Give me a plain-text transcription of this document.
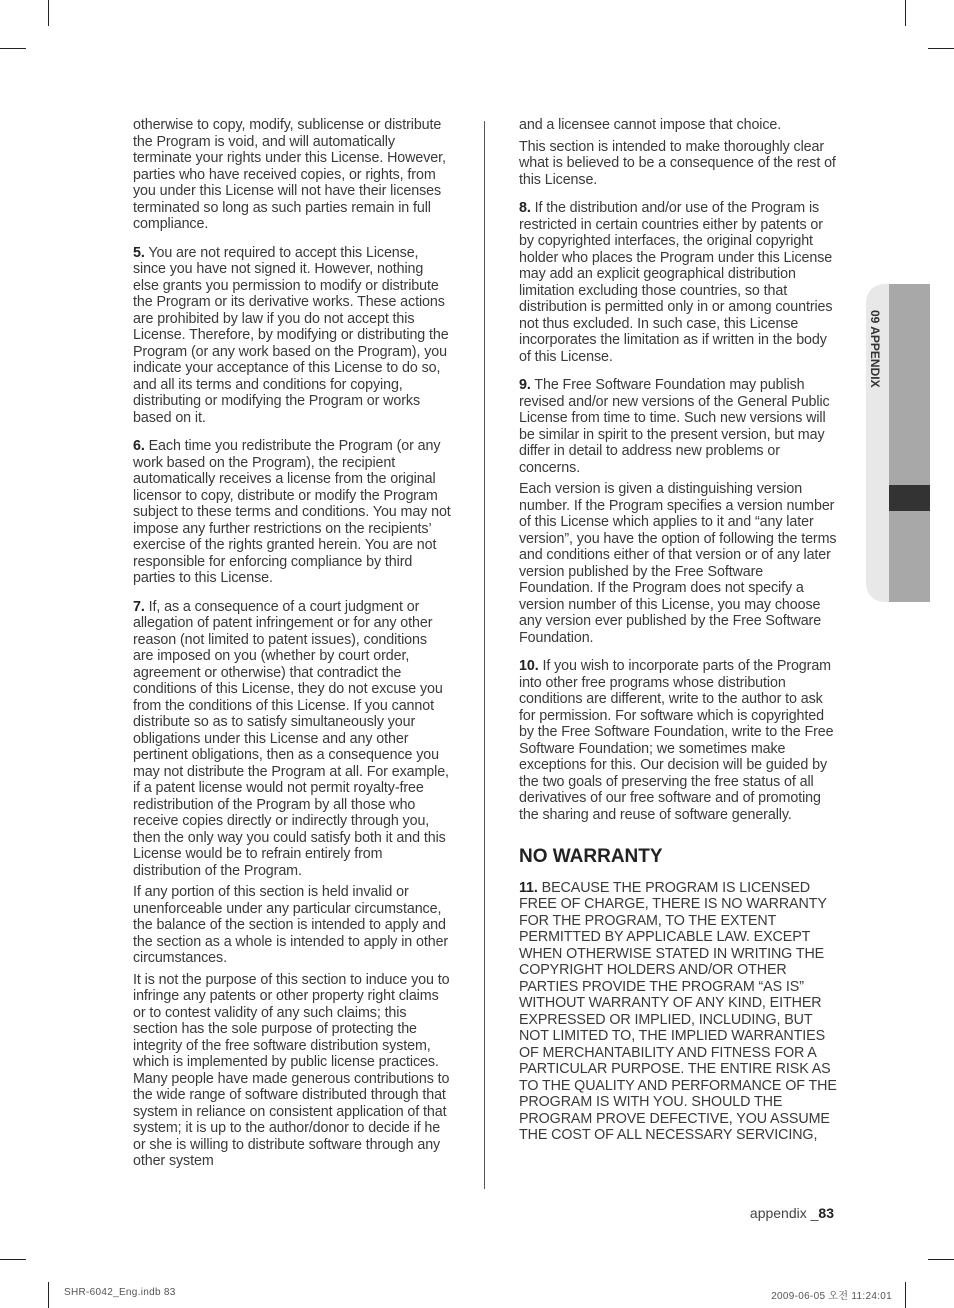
09 APPENDIX

otherwise to copy, modify, sublicense or distribute the Program is void, and will automatically terminate your rights under this License. However, parties who have received copies, or rights, from you under this License will not have their licenses terminated so long as such parties remain in full compliance.

5. You are not required to accept this License, since you have not signed it. However, nothing else grants you permission to modify or distribute the Program or its derivative works. These actions are prohibited by law if you do not accept this License. Therefore, by modifying or distributing the Program (or any work based on the Program), you indicate your acceptance of this License to do so, and all its terms and conditions for copying, distributing or modifying the Program or works based on it.

6. Each time you redistribute the Program (or any work based on the Program), the recipient automatically receives a license from the original licensor to copy, distribute or modify the Program subject to these terms and conditions. You may not impose any further restrictions on the recipients’ exercise of the rights granted herein. You are not responsible for enforcing compliance by third parties to this License.

7. If, as a consequence of a court judgment or allegation of patent infringement or for any other reason (not limited to patent issues), conditions are imposed on you (whether by court order, agreement or otherwise) that contradict the conditions of this License, they do not excuse you from the conditions of this License. If you cannot distribute so as to satisfy simultaneously your obligations under this License and any other pertinent obligations, then as a consequence you may not distribute the Program at all. For example, if a patent license would not permit royalty-free redistribution of the Program by all those who receive copies directly or indirectly through you, then the only way you could satisfy both it and this License would be to refrain entirely from distribution of the Program.

If any portion of this section is held invalid or unenforceable under any particular circumstance, the balance of the section is intended to apply and the section as a whole is intended to apply in other circumstances.

It is not the purpose of this section to induce you to infringe any patents or other property right claims or to contest validity of any such claims; this section has the sole purpose of protecting the integrity of the free software distribution system, which is implemented by public license practices. Many people have made generous contributions to the wide range of software distributed through that system in reliance on consistent application of that system; it is up to the author/donor to decide if he or she is willing to distribute software through any other system

and a licensee cannot impose that choice.

This section is intended to make thoroughly clear what is believed to be a consequence of the rest of this License.

8. If the distribution and/or use of the Program is restricted in certain countries either by patents or by copyrighted interfaces, the original copyright holder who places the Program under this License may add an explicit geographical distribution limitation excluding those countries, so that distribution is permitted only in or among countries not thus excluded. In such case, this License incorporates the limitation as if written in the body of this License.

9. The Free Software Foundation may publish revised and/or new versions of the General Public License from time to time. Such new versions will be similar in spirit to the present version, but may differ in detail to address new problems or concerns.

Each version is given a distinguishing version number. If the Program specifies a version number of this License which applies to it and “any later version”, you have the option of following the terms and conditions either of that version or of any later version published by the Free Software Foundation. If the Program does not specify a version number of this License, you may choose any version ever published by the Free Software Foundation.

10. If you wish to incorporate parts of the Program into other free programs whose distribution conditions are different, write to the author to ask for permission. For software which is copyrighted by the Free Software Foundation, write to the Free Software Foundation; we sometimes make exceptions for this. Our decision will be guided by the two goals of preserving the free status of all derivatives of our free software and of promoting the sharing and reuse of software generally.

NO WARRANTY

11. BECAUSE THE PROGRAM IS LICENSED FREE OF CHARGE, THERE IS NO WARRANTY FOR THE PROGRAM, TO THE EXTENT PERMITTED BY APPLICABLE LAW. EXCEPT WHEN OTHERWISE STATED IN WRITING THE COPYRIGHT HOLDERS AND/OR OTHER PARTIES PROVIDE THE PROGRAM “AS IS” WITHOUT WARRANTY OF ANY KIND, EITHER EXPRESSED OR IMPLIED, INCLUDING, BUT NOT LIMITED TO, THE IMPLIED WARRANTIES OF MERCHANTABILITY AND FITNESS FOR A PARTICULAR PURPOSE. THE ENTIRE RISK AS TO THE QUALITY AND PERFORMANCE OF THE PROGRAM IS WITH YOU. SHOULD THE PROGRAM PROVE DEFECTIVE, YOU ASSUME THE COST OF ALL NECESSARY SERVICING,

appendix _83
SHR-6042_Eng.indb 83	2009-06-05 오전 11:24:01
